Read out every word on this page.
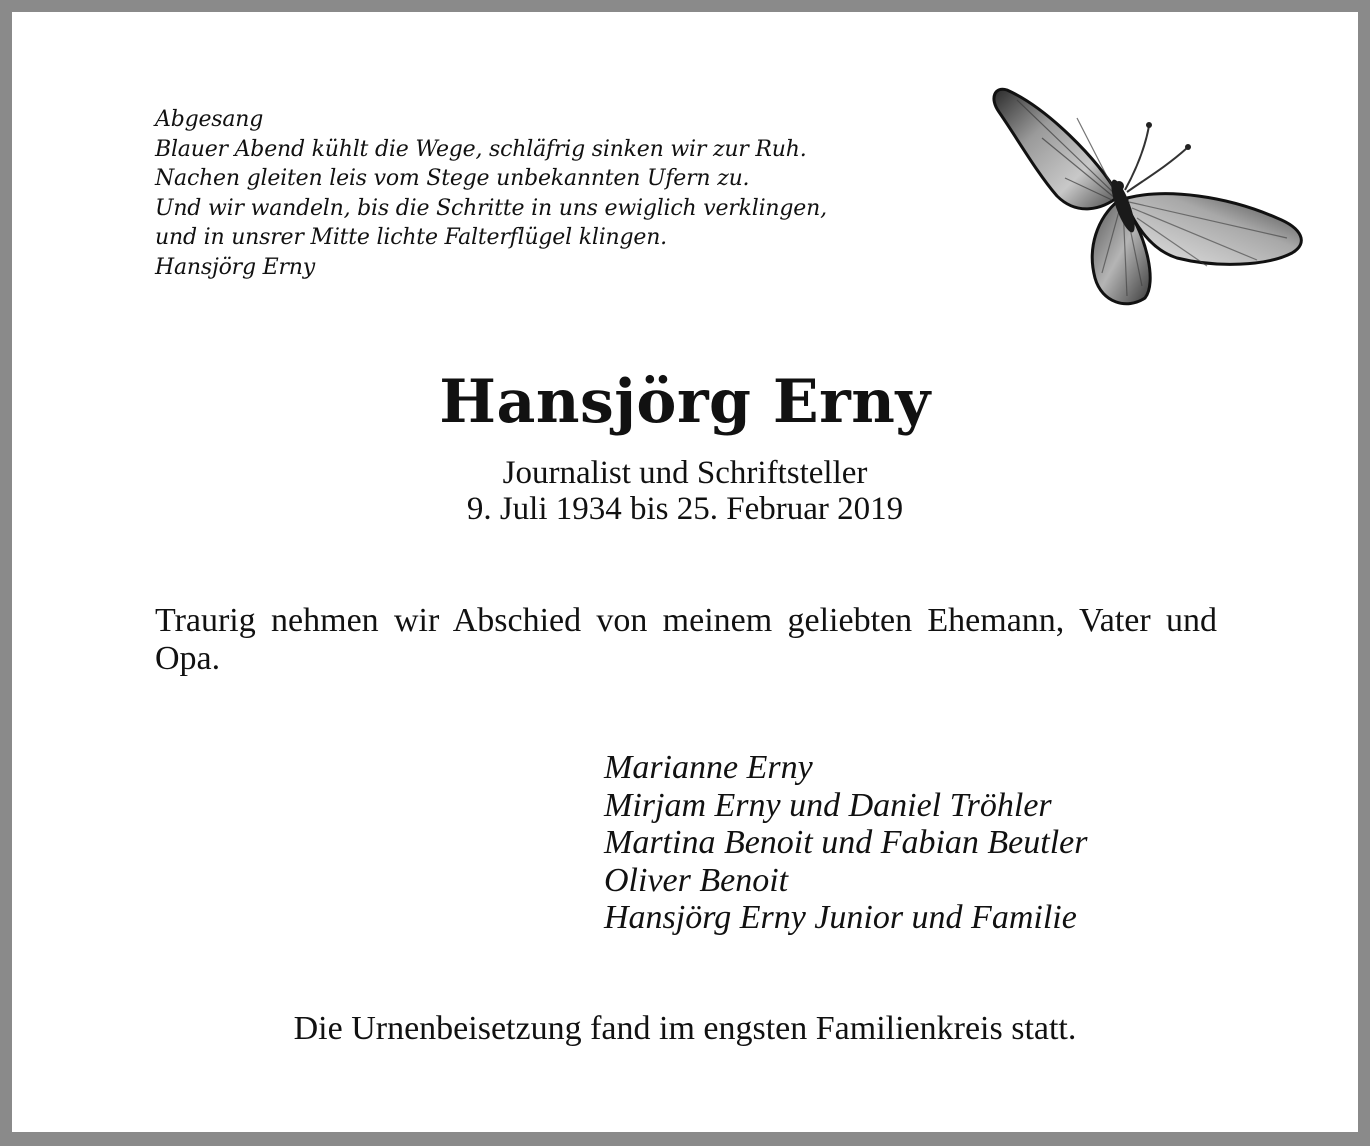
Abgesang
Blauer Abend kühlt die Wege, schläfrig sinken wir zur Ruh.
Nachen gleiten leis vom Stege unbekannten Ufern zu.
Und wir wandeln, bis die Schritte in uns ewiglich verklingen,
und in unsrer Mitte lichte Falterflügel klingen.
Hansjörg Erny
Hansjörg Erny
Journalist und Schriftsteller
9. Juli 1934 bis 25. Februar 2019
Traurig nehmen wir Abschied von meinem geliebten Ehemann, Vater und Opa.
Marianne Erny
Mirjam Erny und Daniel Tröhler
Martina Benoit und Fabian Beutler
Oliver Benoit
Hansjörg Erny Junior und Familie
Die Urnenbeisetzung fand im engsten Familienkreis statt.
